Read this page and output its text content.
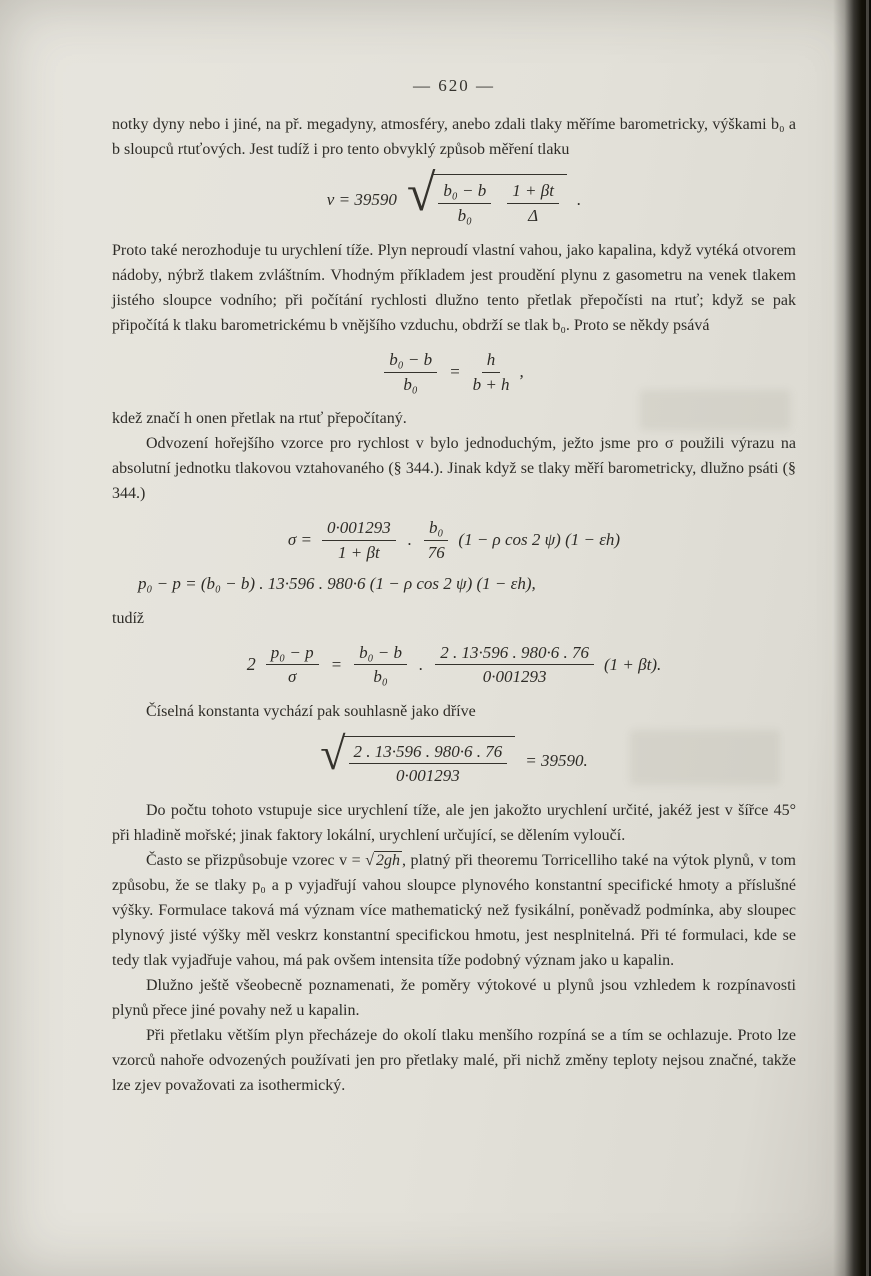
— 620 —

notky dyny nebo i jiné, na př. megadyny, atmosféry, anebo zdali tlaky měříme barometricky, výškami b₀ a b sloupců rtuťových. Jest tudíž i pro tento obvyklý způsob měření tlaku

v = 39590 √ $\frac{\text{b₀ − b}}{\text{b₀}} \frac{1 + \beta t}{\Delta}$ .

Proto také nerozhoduje tu urychlení tíže. Plyn neproudí vlastní vahou, jako kapalina, když vytéká otvorem nádoby, nýbrž tlakem zvláštním. Vhodným příkladem jest proudění plynu z gasometru na venek tlakem jistého sloupce vodního; při počítání rychlosti dlužno tento přetlak přepočísti na rtuť; když se pak připočítá k tlaku barometrickému b vnějšího vzduchu, obdrží se tlak b₀. Proto se někdy psává

$\frac{\text{b₀ − b}}{\text{b₀}} = \frac{h}{b + h}$ ,

kdež značí h onen přetlak na rtuť přepočítaný.

Odvození hořejšího vzorce pro rychlost v bylo jednoduchým, ježto jsme pro σ použili výrazu na absolutní jednotku tlakovou vztahovaného (§ 344.). Jinak když se tlaky měří barometricky, dlužno psáti (§ 344.)

$\sigma = \frac{0\cdot 001293}{1 + \beta t}$ . $\frac{\text{b₀}}{76} (1 - \rho$ cos 2 ψ) (1 − εh)
p₀ − p = (b₀ − b) . 13·596 . 980·6 (1 − ρ cos 2 ψ) (1 − εh),

tudíž

$2 \frac{\text{p₀ − p}}{\sigma} = \frac{\text{b₀ − b}}{\text{b₀}}$ . $\frac{2 . 13\cdot 596 . 980\cdot 6 . 76}{0\cdot 001293} (1 + \beta t)$.

Číselná konstanta vychází pak souhlasně jako dříve

√ $\frac{2 . 13\cdot 596 . 980\cdot 6 . 76}{0\cdot 001293} = 39590$.

Do počtu tohoto vstupuje sice urychlení tíže, ale jen jakožto urychlení určité, jakéž jest v šířce 45° při hladině mořské; jinak faktory lokální, urychlení určující, se dělením vyloučí.

Často se přizpůsobuje vzorec v = √ 2gh , platný při theoremu Torricelliho také na výtok plynů, v tom způsobu, že se tlaky p₀ a p vyjadřují vahou sloupce plynového konstantní specifické hmoty a příslušné výšky. Formulace taková má význam více mathematický než fysikální, poněvadž podmínka, aby sloupec plynový jisté výšky měl veskrz konstantní specifickou hmotu, jest nesplnitelná. Při té formulaci, kde se tedy tlak vyjadřuje vahou, má pak ovšem intensita tíže podobný význam jako u kapalin.

Dlužno ještě všeobecně poznamenati, že poměry výtokové u plynů jsou vzhledem k rozpínavosti plynů přece jiné povahy než u kapalin.

Při přetlaku větším plyn přecházeje do okolí tlaku menšího rozpíná se a tím se ochlazuje. Proto lze vzorců nahoře odvozených používati jen pro přetlaky malé, při nichž změny teploty nejsou značné, takže lze zjev považovati za isothermický.
